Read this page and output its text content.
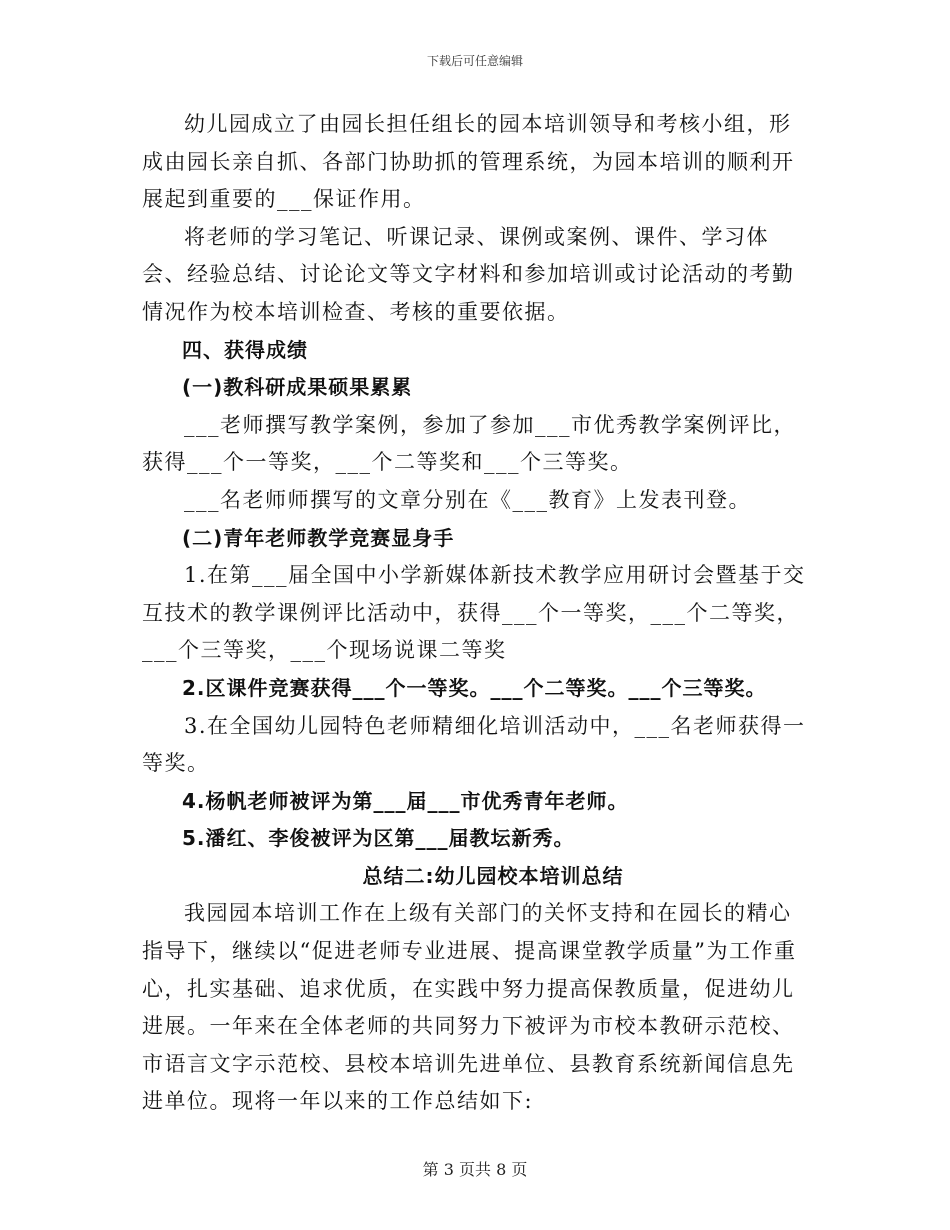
下载后可任意编辑

幼儿园成立了由园长担任组长的园本培训领导和考核小组，形成由园长亲自抓、各部门协助抓的管理系统，为园本培训的顺利开展起到重要的___保证作用。

将老师的学习笔记、听课记录、课例或案例、课件、学习体会、经验总结、讨论论文等文字材料和参加培训或讨论活动的考勤情况作为校本培训检查、考核的重要依据。

四、获得成绩

(一)教科研成果硕果累累

___老师撰写教学案例，参加了参加___市优秀教学案例评比，获得___个一等奖，___个二等奖和___个三等奖。

___名老师师撰写的文章分别在《___教育》上发表刊登。

(二)青年老师教学竞赛显身手

1.在第___届全国中小学新媒体新技术教学应用研讨会暨基于交互技术的教学课例评比活动中，获得___个一等奖，___个二等奖，___个三等奖，___个现场说课二等奖

2.区课件竞赛获得___个一等奖。___个二等奖。___个三等奖。

3.在全国幼儿园特色老师精细化培训活动中，___名老师获得一等奖。

4.杨帆老师被评为第___届___市优秀青年老师。

5.潘红、李俊被评为区第___届教坛新秀。

总结二:幼儿园校本培训总结

我园园本培训工作在上级有关部门的关怀支持和在园长的精心指导下，继续以“促进老师专业进展、提高课堂教学质量”为工作重心，扎实基础、追求优质，在实践中努力提高保教质量，促进幼儿进展。一年来在全体老师的共同努力下被评为市校本教研示范校、市语言文字示范校、县校本培训先进单位、县教育系统新闻信息先进单位。现将一年以来的工作总结如下:

第 3 页共 8 页
